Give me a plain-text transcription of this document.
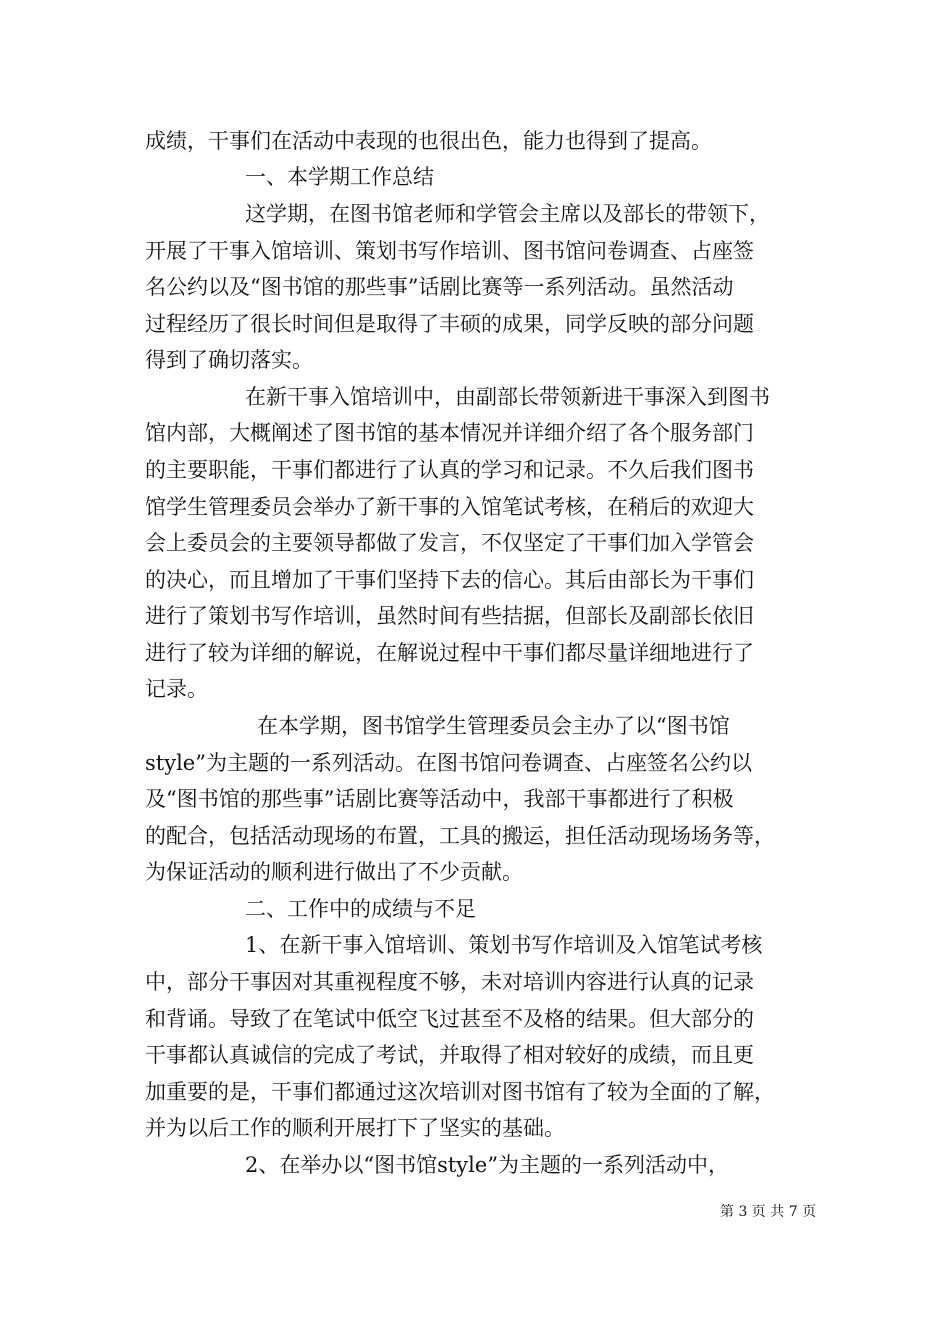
成绩，干事们在活动中表现的也很出色，能力也得到了提高。
一、本学期工作总结
这学期，在图书馆老师和学管会主席以及部长的带领下，
开展了干事入馆培训、策划书写作培训、图书馆问卷调查、占座签
名公约以及“图书馆的那些事”话剧比赛等一系列活动。虽然活动
过程经历了很长时间但是取得了丰硕的成果，同学反映的部分问题
得到了确切落实。
在新干事入馆培训中，由副部长带领新进干事深入到图书
馆内部，大概阐述了图书馆的基本情况并详细介绍了各个服务部门
的主要职能，干事们都进行了认真的学习和记录。不久后我们图书
馆学生管理委员会举办了新干事的入馆笔试考核，在稍后的欢迎大
会上委员会的主要领导都做了发言，不仅坚定了干事们加入学管会
的决心，而且增加了干事们坚持下去的信心。其后由部长为干事们
进行了策划书写作培训，虽然时间有些拮据，但部长及副部长依旧
进行了较为详细的解说，在解说过程中干事们都尽量详细地进行了
记录。
在本学期，图书馆学生管理委员会主办了以“图书馆
style”为主题的一系列活动。在图书馆问卷调查、占座签名公约以
及“图书馆的那些事”话剧比赛等活动中，我部干事都进行了积极
的配合，包括活动现场的布置，工具的搬运，担任活动现场场务等，
为保证活动的顺利进行做出了不少贡献。
二、工作中的成绩与不足
1、在新干事入馆培训、策划书写作培训及入馆笔试考核
中，部分干事因对其重视程度不够，未对培训内容进行认真的记录
和背诵。导致了在笔试中低空飞过甚至不及格的结果。但大部分的
干事都认真诚信的完成了考试，并取得了相对较好的成绩，而且更
加重要的是，干事们都通过这次培训对图书馆有了较为全面的了解，
并为以后工作的顺利开展打下了坚实的基础。
2、在举办以“图书馆style”为主题的一系列活动中，
第 3 页 共 7 页
